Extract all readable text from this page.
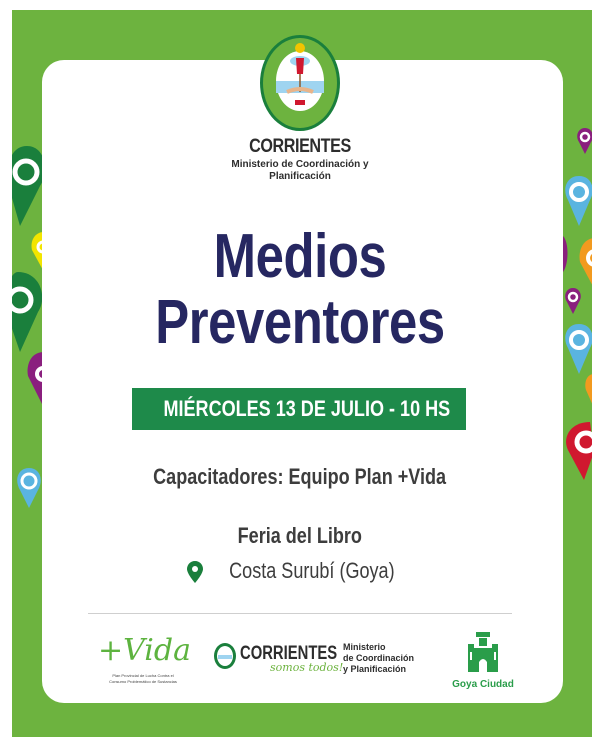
CORRIENTES
Ministerio de Coordinación y
Planificación
Medios
Preventores
MIÉRCOLES 13 DE JULIO - 10 HS
Capacitadores: Equipo Plan +Vida
Feria del Libro
Costa Surubí (Goya)
+Vida
Plan Provincial de Lucha Contra el
Consumo Problemático de Sustancias
CORRIENTES
somos todos!
Ministerio
de Coordinación
y Planificación
Goya Ciudad
